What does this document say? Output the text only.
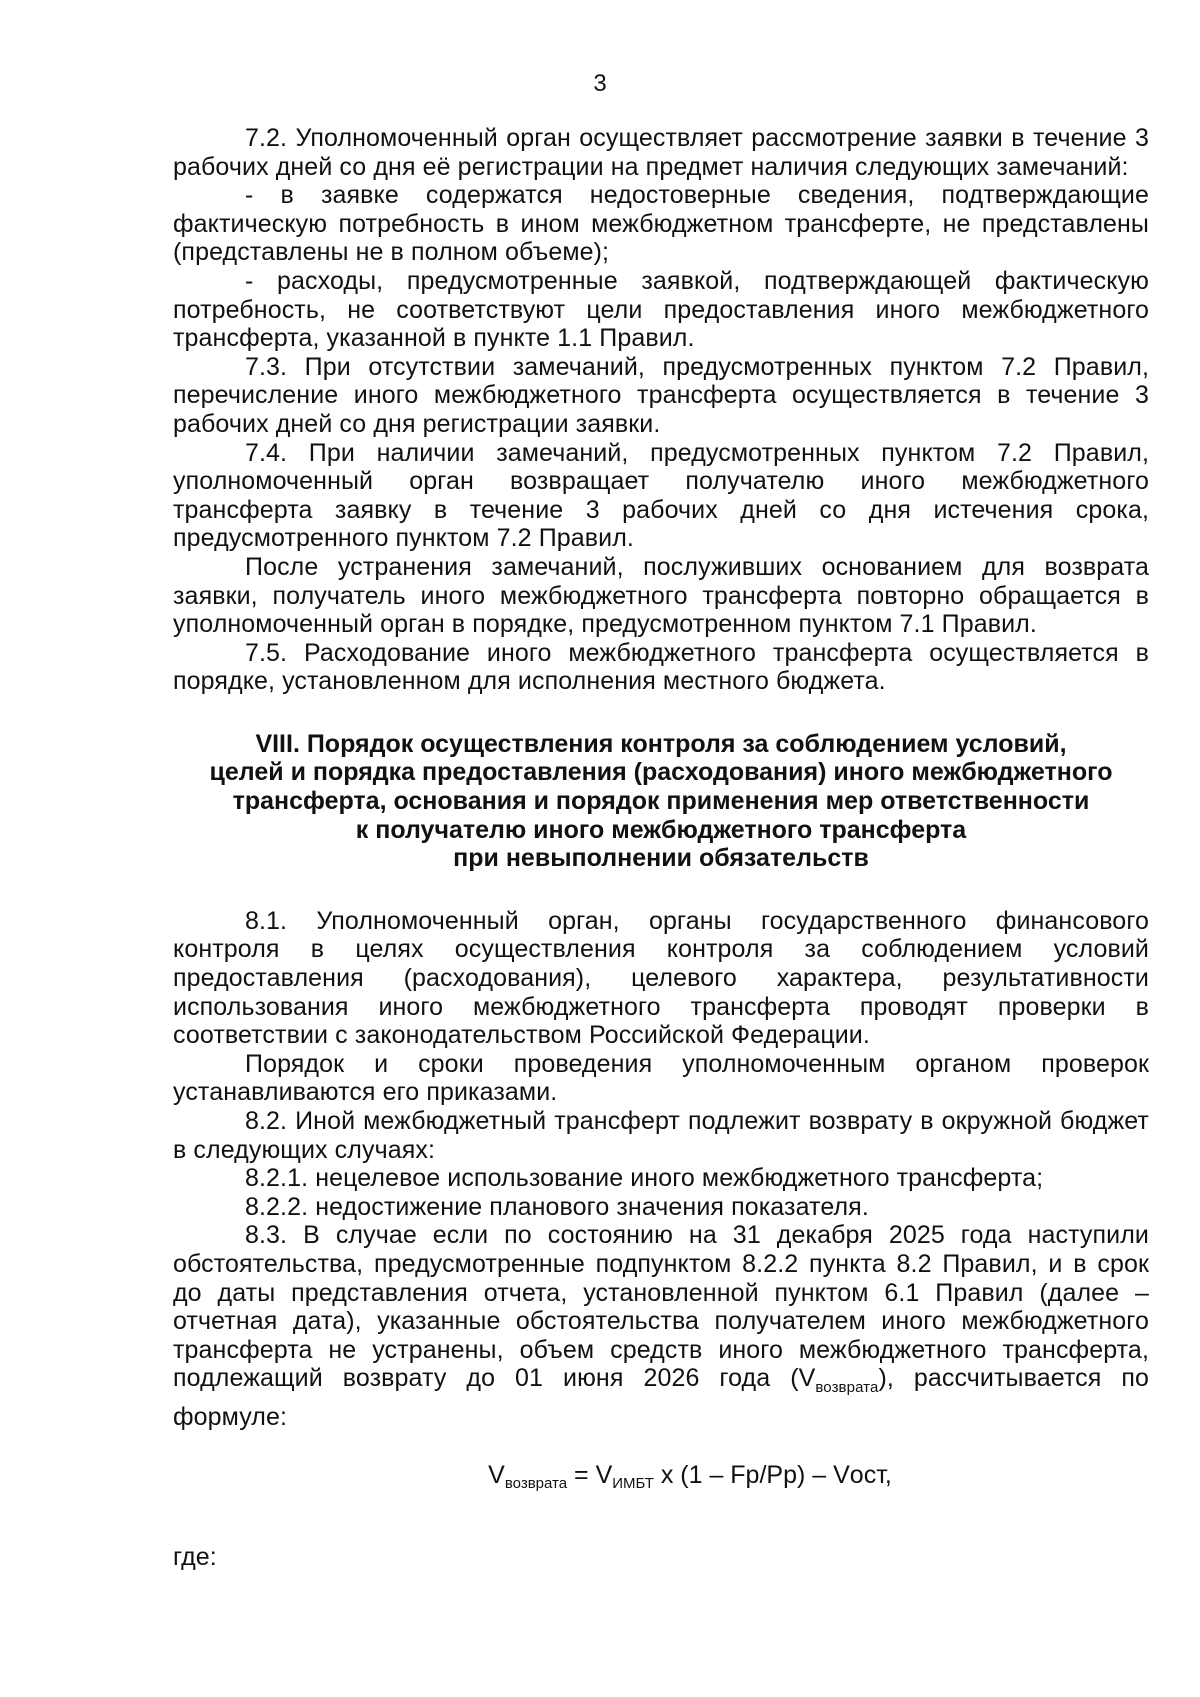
3

7.2. Уполномоченный орган осуществляет рассмотрение заявки в течение 3 рабочих дней со дня её регистрации на предмет наличия следующих замечаний:

- в заявке содержатся недостоверные сведения, подтверждающие фактическую потребность в ином межбюджетном трансферте, не представлены (представлены не в полном объеме);

- расходы, предусмотренные заявкой, подтверждающей фактическую потребность, не соответствуют цели предоставления иного межбюджетного трансферта, указанной в пункте 1.1 Правил.

7.3. При отсутствии замечаний, предусмотренных пунктом 7.2 Правил, перечисление иного межбюджетного трансферта осуществляется в течение 3 рабочих дней со дня регистрации заявки.

7.4. При наличии замечаний, предусмотренных пунктом 7.2 Правил, уполномоченный орган возвращает получателю иного межбюджетного трансферта заявку в течение 3 рабочих дней со дня истечения срока, предусмотренного пунктом 7.2 Правил.

После устранения замечаний, послуживших основанием для возврата заявки, получатель иного межбюджетного трансферта повторно обращается в уполномоченный орган в порядке, предусмотренном пунктом 7.1 Правил.

7.5. Расходование иного межбюджетного трансферта осуществляется в порядке, установленном для исполнения местного бюджета.

VIII. Порядок осуществления контроля за соблюдением условий,

целей и порядка предоставления (расходования) иного межбюджетного

трансферта, основания и порядок применения мер ответственности

к получателю иного межбюджетного трансферта

при невыполнении обязательств

8.1. Уполномоченный орган, органы государственного финансового контроля в целях осуществления контроля за соблюдением условий предоставления (расходования), целевого характера, результативности использования иного межбюджетного трансферта проводят проверки в соответствии с законодательством Российской Федерации.

Порядок и сроки проведения уполномоченным органом проверок устанавливаются его приказами.

8.2. Иной межбюджетный трансферт подлежит возврату в окружной бюджет в следующих случаях:

8.2.1. нецелевое использование иного межбюджетного трансферта;

8.2.2. недостижение планового значения показателя.

8.3. В случае если по состоянию на 31 декабря 2025 года наступили обстоятельства, предусмотренные подпунктом 8.2.2 пункта 8.2 Правил, и в срок до даты представления отчета, установленной пунктом 6.1 Правил (далее – отчетная дата), указанные обстоятельства получателем иного межбюджетного трансферта не устранены, объем средств иного межбюджетного трансферта, подлежащий возврату до 01 июня 2026 года $(V_{возврата})$, рассчитывается по формуле:

$V_{возврата} = V_{ИМБТ}$ x (1 – Fp/Pp) – Vост,

где:
